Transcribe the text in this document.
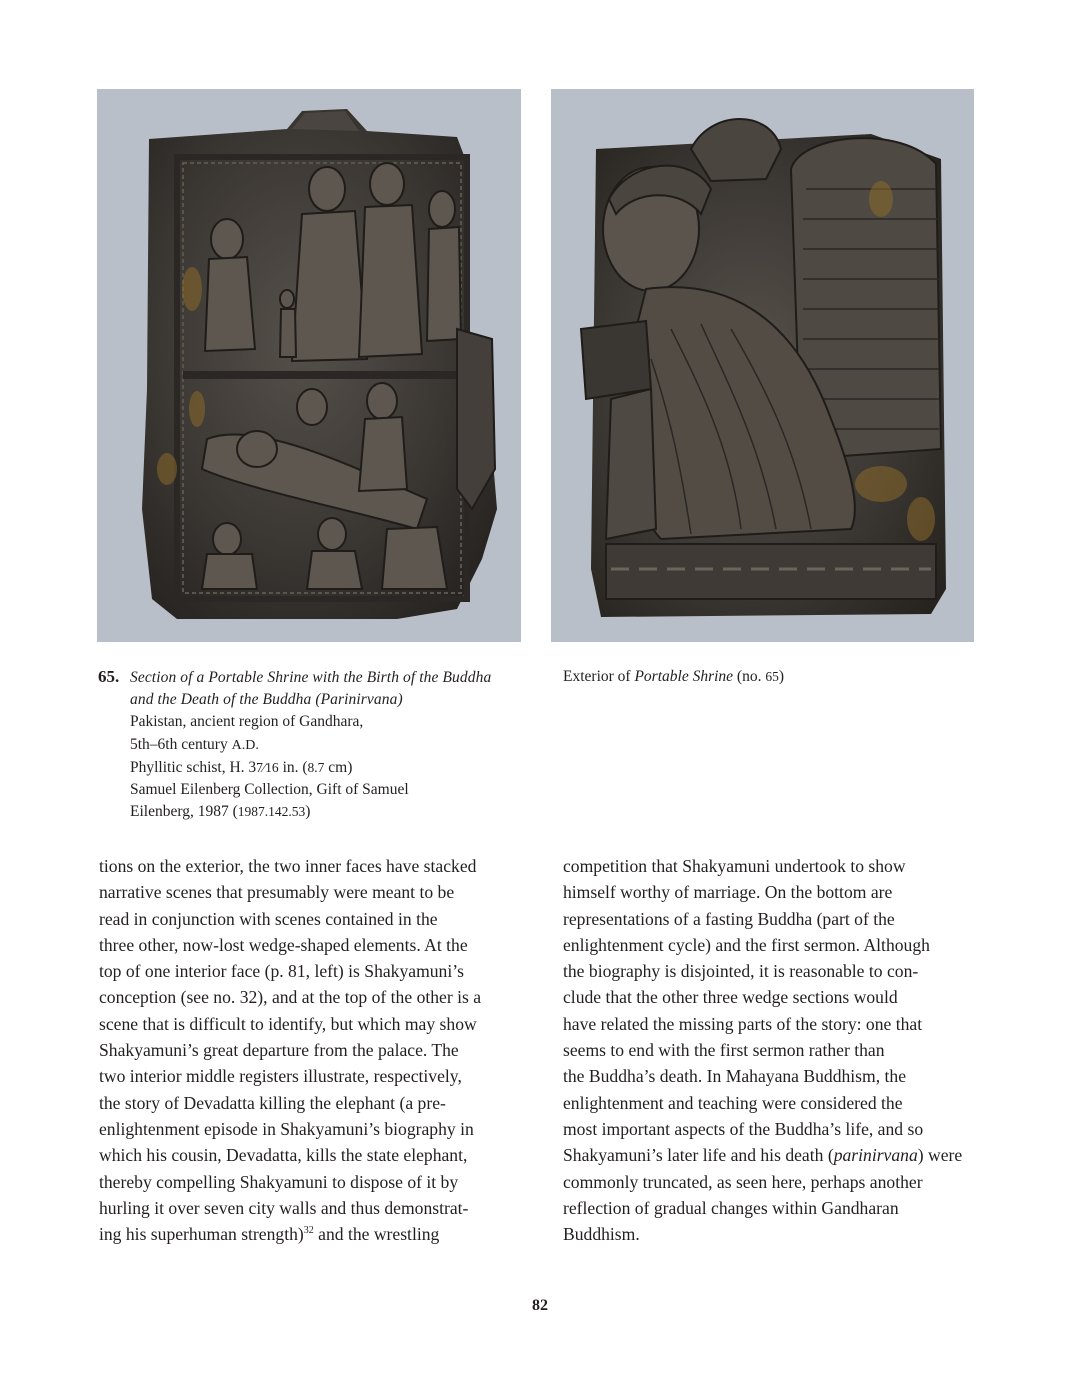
65. Section of a Portable Shrine with the Birth of the Buddha
and the Death of the Buddha (Parinirvana)
Pakistan, ancient region of Gandhara,
5th–6th century A.D.
Phyllitic schist, H. 37⁄16 in. (8.7 cm)
Samuel Eilenberg Collection, Gift of Samuel
Eilenberg, 1987 (1987.142.53)
Exterior of Portable Shrine (no. 65)
tions on the exterior, the two inner faces have stacked
narrative scenes that presumably were meant to be
read in conjunction with scenes contained in the
three other, now-lost wedge-shaped elements. At the
top of one interior face (p. 81, left) is Shakyamuni’s
conception (see no. 32), and at the top of the other is a
scene that is difficult to identify, but which may show
Shakyamuni’s great departure from the palace. The
two interior middle registers illustrate, respectively,
the story of Devadatta killing the elephant (a pre-
enlightenment episode in Shakyamuni’s biography in
which his cousin, Devadatta, kills the state elephant,
thereby compelling Shakyamuni to dispose of it by
hurling it over seven city walls and thus demonstrat-
ing his superhuman strength)$^{32}$ and the wrestling
competition that Shakyamuni undertook to show
himself worthy of marriage. On the bottom are
representations of a fasting Buddha (part of the
enlightenment cycle) and the first sermon. Although
the biography is disjointed, it is reasonable to con-
clude that the other three wedge sections would
have related the missing parts of the story: one that
seems to end with the first sermon rather than
the Buddha’s death. In Mahayana Buddhism, the
enlightenment and teaching were considered the
most important aspects of the Buddha’s life, and so
Shakyamuni’s later life and his death (parinirvana) were
commonly truncated, as seen here, perhaps another
reflection of gradual changes within Gandharan
Buddhism.
82
